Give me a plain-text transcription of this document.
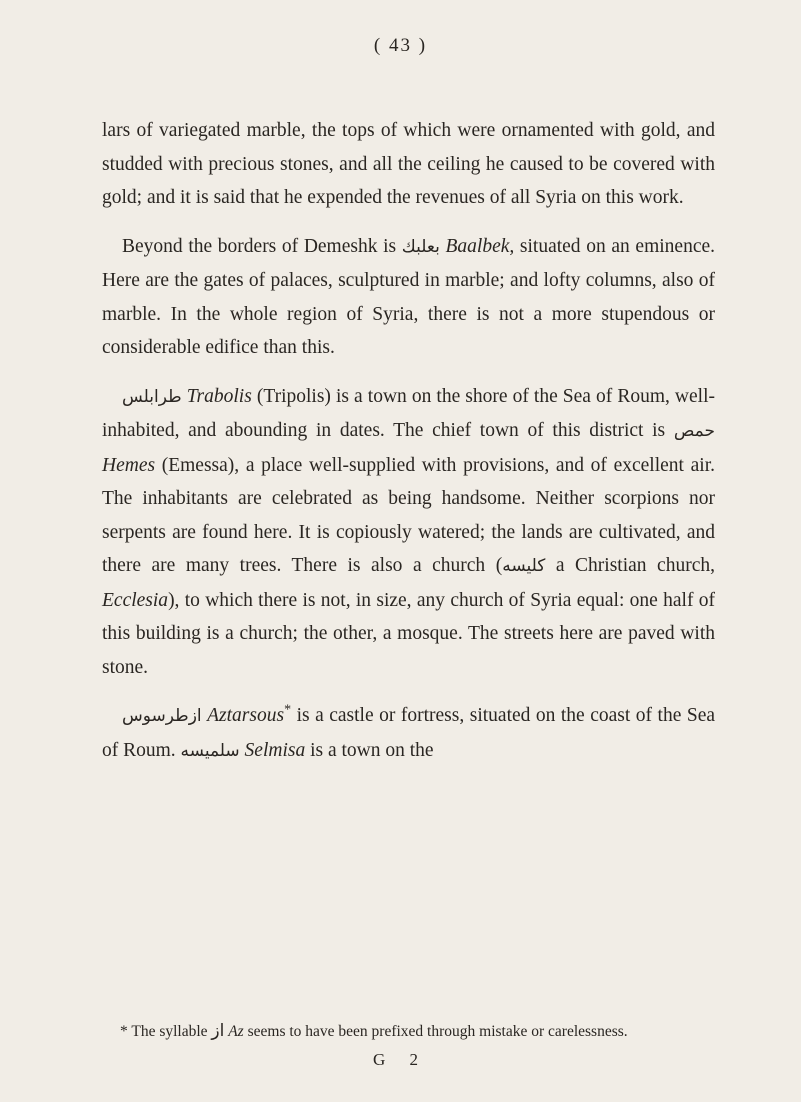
( 43 )

lars of variegated marble, the tops of which were ornamented with gold, and studded with precious stones, and all the ceiling he caused to be covered with gold; and it is said that he expended the revenues of all Syria on this work.

Beyond the borders of Demeshk is بعلبك Baalbek, situated on an eminence. Here are the gates of palaces, sculptured in marble; and lofty columns, also of marble. In the whole region of Syria, there is not a more stupendous or considerable edifice than this.

طرابلس Trabolis (Tripolis) is a town on the shore of the Sea of Roum, well-inhabited, and abounding in dates. The chief town of this district is حمص Hemes (Emessa), a place well-supplied with provisions, and of excellent air. The inhabitants are celebrated as being handsome. Neither scorpions nor serpents are found here. It is copiously watered; the lands are cultivated, and there are many trees. There is also a church (كليسه a Christian church, Ecclesia), to which there is not, in size, any church of Syria equal: one half of this building is a church; the other, a mosque. The streets here are paved with stone.

ازطرسوس Aztarsous* is a castle or fortress, situated on the coast of the Sea of Roum. سلميسه Selmisa is a town on the

* The syllable از Az seems to have been prefixed through mistake or carelessness.
G 2
